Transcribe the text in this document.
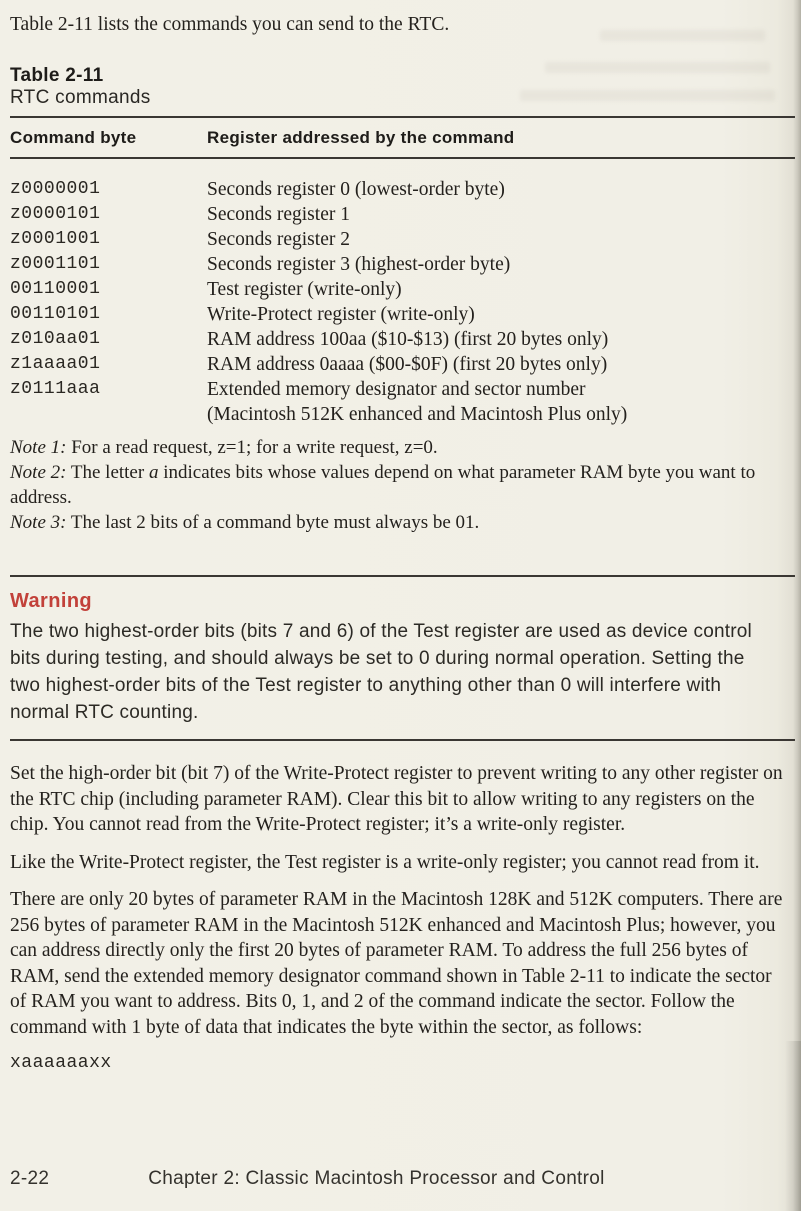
Table 2-11 lists the commands you can send to the RTC.

Table 2-11
RTC commands
Command byte	Register addressed by the command
z0000001	Seconds register 0 (lowest-order byte)
z0000101	Seconds register 1
z0001001	Seconds register 2
z0001101	Seconds register 3 (highest-order byte)
00110001	Test register (write-only)
00110101	Write-Protect register (write-only)
z010aa01	RAM address 100aa ($10-$13) (first 20 bytes only)
z1aaaa01	RAM address 0aaaa ($00-$0F) (first 20 bytes only)
z0111aaa	Extended memory designator and sector number
(Macintosh 512K enhanced and Macintosh Plus only)

Note 1: For a read request, z=1; for a write request, z=0.

Note 2: The letter a indicates bits whose values depend on what parameter RAM byte you want to address.

Note 3: The last 2 bits of a command byte must always be 01.

Warning

The two highest-order bits (bits 7 and 6) of the Test register are used as device control bits during testing, and should always be set to 0 during normal operation. Setting the two highest-order bits of the Test register to anything other than 0 will interfere with normal RTC counting.

Set the high-order bit (bit 7) of the Write-Protect register to prevent writing to any other register on the RTC chip (including parameter RAM). Clear this bit to allow writing to any registers on the chip. You cannot read from the Write-Protect register; it’s a write-only register.

Like the Write-Protect register, the Test register is a write-only register; you cannot read from it.

There are only 20 bytes of parameter RAM in the Macintosh 128K and 512K computers. There are 256 bytes of parameter RAM in the Macintosh 512K enhanced and Macintosh Plus; however, you can address directly only the first 20 bytes of parameter RAM. To address the full 256 bytes of RAM, send the extended memory designator command shown in Table 2-11 to indicate the sector of RAM you want to address. Bits 0, 1, and 2 of the command indicate the sector. Follow the command with 1 byte of data that indicates the byte within the sector, as follows:

xaaaaaaxx
2-22	Chapter 2: Classic Macintosh Processor and Control
